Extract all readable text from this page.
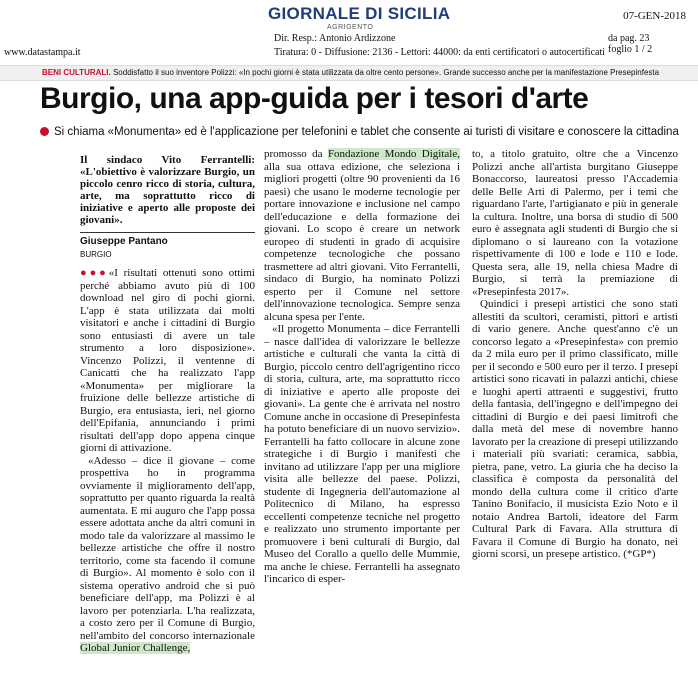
GIORNALE DI SICILIA
AGRIGENTO
07-GEN-2018
Dir. Resp.: Antonio Ardizzone
www.datastampa.it	Tiratura: 0 - Diffusione: 2136 - Lettori: 44000: da enti certificatori o autocertificati
da pag. 23
foglio 1 / 2
BENI CULTURALI. Soddisfatto il suo inventore Polizzi: «In pochi giorni è stata utilizzata da oltre cento persone». Grande successo anche per la manifestazione Presepinfesta
Burgio, una app-guida per i tesori d'arte
Si chiama «Monumenta» ed è l'applicazione per telefonini e tablet che consente ai turisti di visitare e conoscere la cittadina
Il sindaco Vito Ferrantelli: «L'obiettivo è valorizzare Burgio, un piccolo cenro ricco di storia, cultura, arte, ma soprattutto ricco di iniziative e aperto alle proposte dei giovani».
Giuseppe Pantano
BURGIO

●●●«I risultati ottenuti sono ottimi perché abbiamo avuto più di 100 download nel giro di pochi giorni. L'app è stata utilizzata dai molti visitatori e anche i cittadini di Burgio sono entusiasti di avere un tale strumento a loro disposizione». Vincenzo Polizzi, il ventenne di Canicattì che ha realizzato l'app «Monumenta» per migliorare la fruizione delle bellezze artistiche di Burgio, era entusiasta, ieri, nel giorno dell'Epifania, annunciando i primi risultati dell'app dopo appena cinque giorni di attivazione.

«Adesso – dice il giovane – come prospettiva ho in programma ovviamente il miglioramento dell'app, soprattutto per quanto riguarda la realtà aumentata. E mi auguro che l'app possa essere adottata anche da altri comuni in modo tale da valorizzare al massimo le bellezze artistiche che offre il nostro territorio, come sta facendo il comune di Burgio». Al momento è solo con il sistema operativo android che si può beneficiare dell'app, ma Polizzi è al lavoro per potenziarla. L'ha realizzata, a costo zero per il Comune di Burgio, nell'ambito del concorso internazionale Global Junior Challenge,

promosso da Fondazione Mondo Digitale, alla sua ottava edizione, che seleziona i migliori progetti (oltre 90 provenienti da 16 paesi) che usano le moderne tecnologie per portare innovazione e inclusione nel campo dell'educazione e della formazione dei giovani. Lo scopo è creare un network europeo di studenti in grado di acquisire competenze tecnologiche che possano trasmettere ad altri giovani. Vito Ferrantelli, sindaco di Burgio, ha nominato Polizzi esperto per il Comune nel settore dell'innovazione tecnologica. Sempre senza alcuna spesa per l'ente.

«Il progetto Monumenta – dice Ferrantelli – nasce dall'idea di valorizzare le bellezze artistiche e culturali che vanta la città di Burgio, piccolo centro dell'agrigentino ricco di storia, cultura, arte, ma soprattutto ricco di iniziative e aperto alle proposte dei giovani». La gente che è arrivata nel nostro Comune anche in occasione di Presepinfesta ha potuto beneficiare di un nuovo servizio». Ferrantelli ha fatto collocare in alcune zone strategiche i di Burgio i manifesti che invitano ad utilizzare l'app per una migliore visita alle bellezze del paese. Polizzi, studente di Ingegneria dell'automazione al Politecnico di Milano, ha espresso eccellenti competenze tecniche nel progetto e realizzato uno strumento importante per promuovere i beni culturali di Burgio, dal Museo del Corallo a quello delle Mummie, ma anche le chiese. Ferrantelli ha assegnato l'incarico di esper-

to, a titolo gratuito, oltre che a Vincenzo Polizzi anche all'artista burgitano Giuseppe Bonaccorso, laureatosi presso l'Accademia delle Belle Arti di Palermo, per i temi che riguardano l'arte, l'artigianato e più in generale la cultura. Inoltre, una borsa di studio di 500 euro è assegnata agli studenti di Burgio che si diplomano o si laureano con la votazione rispettivamente di 100 e lode e 110 e lode. Questa sera, alle 19, nella chiesa Madre di Burgio, si terrà la premiazione di «Presepinfesta 2017».

Quindici i presepi artistici che sono stati allestiti da scultori, ceramisti, pittori e artisti di vario genere. Anche quest'anno c'è un concorso legato a «Presepinfesta» con premio da 2 mila euro per il primo classificato, mille per il secondo e 500 euro per il terzo. I presepi artistici sono ricavati in palazzi antichi, chiese e luoghi aperti attraenti e suggestivi, frutto della fantasia, dell'ingegno e dell'impegno dei cittadini di Burgio e dei paesi limitrofi che dalla metà del mese di novembre hanno lavorato per la creazione di presepi utilizzando i materiali più svariati: ceramica, sabbia, pietra, pane, vetro. La giuria che ha deciso la classifica è composta da personalità del mondo della cultura come il critico d'arte Tanino Bonifacio, il musicista Ezio Noto e il notaio Andrea Bartoli, ideatore del Farm Cultural Park di Favara. Alla struttura di Favara il Comune di Burgio ha donato, nei giorni scorsi, un presepe artistico. (*GP*)
